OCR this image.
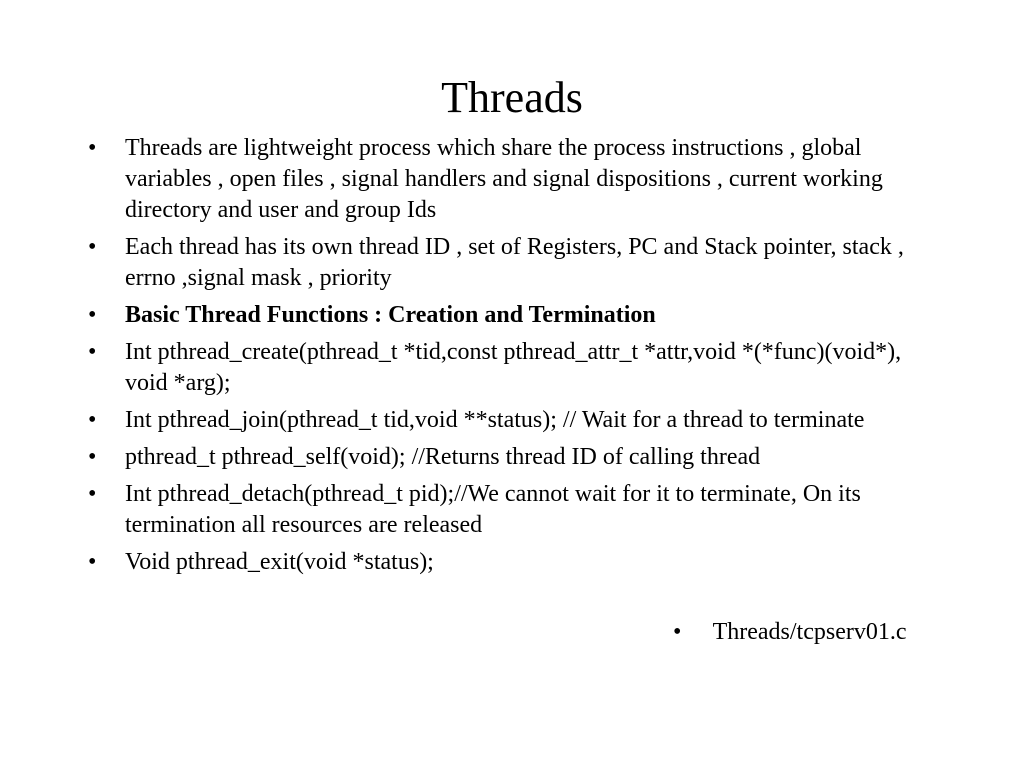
Threads
•	Threads are lightweight process which share the process instructions , global variables , open files , signal handlers and signal dispositions , current working directory and user and group Ids
•	Each thread has its own thread ID , set of Registers, PC and Stack pointer, stack , errno ,signal mask , priority
•	Basic Thread Functions : Creation and Termination
•	Int pthread_create(pthread_t *tid,const pthread_attr_t *attr,void *(*func)(void*), void *arg);
•	Int pthread_join(pthread_t tid,void **status); // Wait for a thread to terminate
•	pthread_t pthread_self(void); //Returns thread ID of calling thread
•	Int pthread_detach(pthread_t pid);//We cannot wait for it to terminate, On its termination all resources are released
•	Void pthread_exit(void *status);
• Threads/tcpserv01.c
